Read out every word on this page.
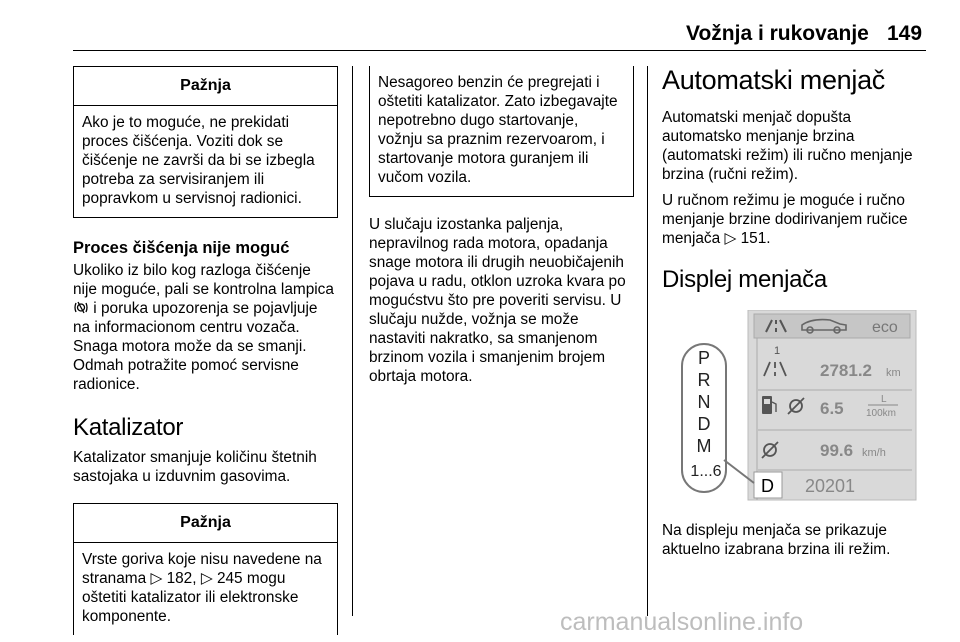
Vožnja i rukovanje 149
Pažnja
Ako je to moguće, ne prekidati proces čišćenja. Voziti dok se čišćenje ne završi da bi se izbegla potreba za servisiranjem ili popravkom u servisnoj radionici.
Proces čišćenja nije moguć

Ukoliko iz bilo kog razloga čišćenje nije moguće, pali se kontrolna lampica  i poruka upozorenja se pojavljuje na informacionom centru vozača. Snaga motora može da se smanji. Odmah potražite pomoć servisne radionice.

Katalizator

Katalizator smanjuje količinu štetnih sastojaka u izduvnim gasovima.

Pažnja
Vrste goriva koje nisu navedene na stranama ▷ 182, ▷ 245 mogu oštetiti katalizator ili elektronske komponente.
Nesagoreo benzin će pregrejati i oštetiti katalizator. Zato izbegavajte nepotrebno dugo startovanje, vožnju sa praznim rezervoarom, i startovanje motora guranjem ili vučom vozila.

U slučaju izostanka paljenja, nepravilnog rada motora, opadanja snage motora ili drugih neuobičajenih pojava u radu, otklon uzroka kvara po mogućstvu što pre poveriti servisu. U slučaju nužde, vožnja se može nastaviti nakratko, sa smanjenom brzinom vozila i smanjenim brojem obrtaja motora.

Automatski menjač

Automatski menjač dopušta automatsko menjanje brzina (automatski režim) ili ručno menjanje brzina (ručni režim).

U ručnom režimu je moguće i ručno menjanje brzine dodirivanjem ručice menjača ▷ 151.

Displej menjača
eco
1
2781.2 km
6.5	L
100km
99.6 km/h
D 20201
P
R
N
D
M
1...6
Na displeju menjača se prikazuje aktuelno izabrana brzina ili režim.
carmanualsonline.info
